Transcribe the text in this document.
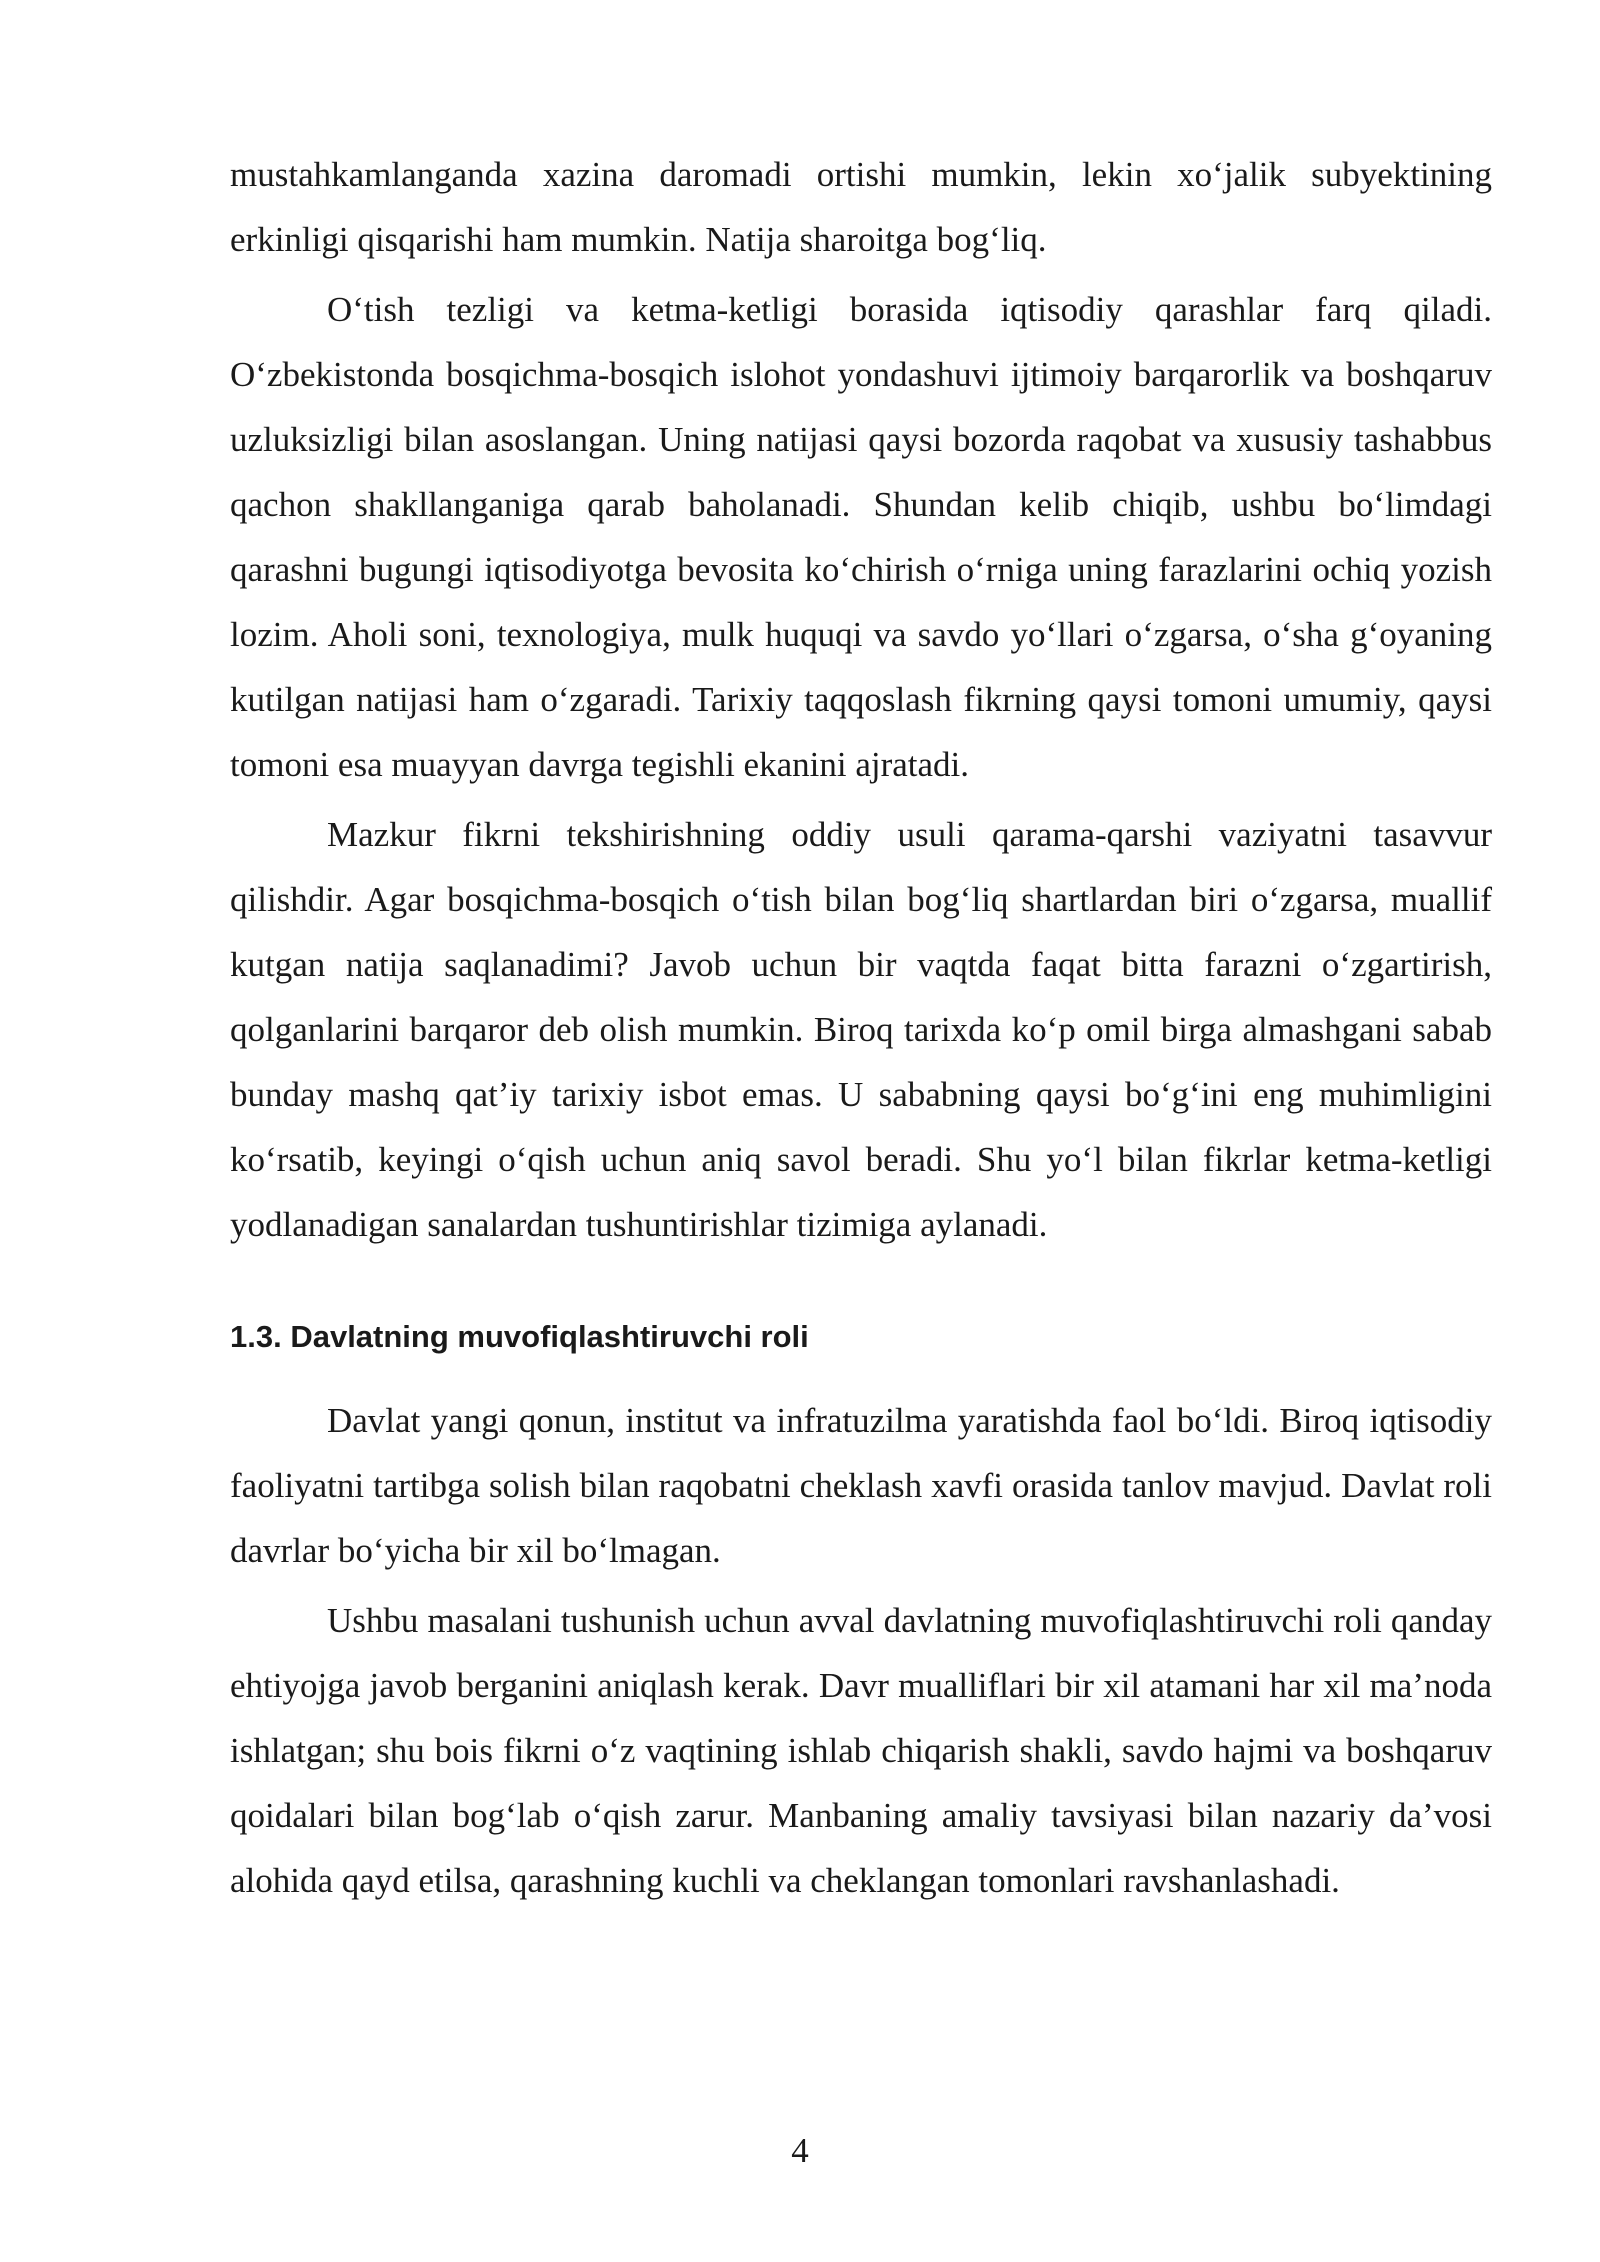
mustahkamlanganda xazina daromadi ortishi mumkin, lekin xo‘jalik subyektining erkinligi qisqarishi ham mumkin. Natija sharoitga bog‘liq.

O‘tish tezligi va ketma-ketligi borasida iqtisodiy qarashlar farq qiladi. O‘zbekistonda bosqichma-bosqich islohot yondashuvi ijtimoiy barqarorlik va boshqaruv uzluksizligi bilan asoslangan. Uning natijasi qaysi bozorda raqobat va xususiy tashabbus qachon shakllanganiga qarab baholanadi. Shundan kelib chiqib, ushbu bo‘limdagi qarashni bugungi iqtisodiyotga bevosita ko‘chirish o‘rniga uning farazlarini ochiq yozish lozim. Aholi soni, texnologiya, mulk huquqi va savdo yo‘llari o‘zgarsa, o‘sha g‘oyaning kutilgan natijasi ham o‘zgaradi. Tarixiy taqqoslash fikrning qaysi tomoni umumiy, qaysi tomoni esa muayyan davrga tegishli ekanini ajratadi.

Mazkur fikrni tekshirishning oddiy usuli qarama-qarshi vaziyatni tasavvur qilishdir. Agar bosqichma-bosqich o‘tish bilan bog‘liq shartlardan biri o‘zgarsa, muallif kutgan natija saqlanadimi? Javob uchun bir vaqtda faqat bitta farazni o‘zgartirish, qolganlarini barqaror deb olish mumkin. Biroq tarixda ko‘p omil birga almashgani sabab bunday mashq qat’iy tarixiy isbot emas. U sababning qaysi bo‘g‘ini eng muhimligini ko‘rsatib, keyingi o‘qish uchun aniq savol beradi. Shu yo‘l bilan fikrlar ketma-ketligi yodlanadigan sanalardan tushuntirishlar tizimiga aylanadi.

1.3. Davlatning muvofiqlashtiruvchi roli

Davlat yangi qonun, institut va infratuzilma yaratishda faol bo‘ldi. Biroq iqtisodiy faoliyatni tartibga solish bilan raqobatni cheklash xavfi orasida tanlov mavjud. Davlat roli davrlar bo‘yicha bir xil bo‘lmagan.

Ushbu masalani tushunish uchun avval davlatning muvofiqlashtiruvchi roli qanday ehtiyojga javob berganini aniqlash kerak. Davr mualliflari bir xil atamani har xil ma’noda ishlatgan; shu bois fikrni o‘z vaqtining ishlab chiqarish shakli, savdo hajmi va boshqaruv qoidalari bilan bog‘lab o‘qish zarur. Manbaning amaliy tavsiyasi bilan nazariy da’vosi alohida qayd etilsa, qarashning kuchli va cheklangan tomonlari ravshanlashadi.

4
